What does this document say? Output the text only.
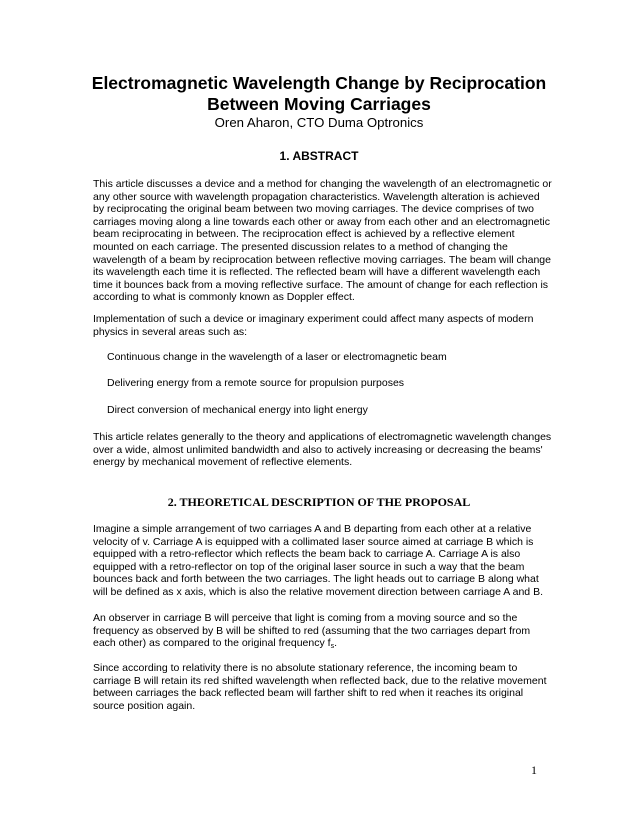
Electromagnetic Wavelength Change by Reciprocation Between Moving Carriages
Oren Aharon, CTO Duma Optronics
1. ABSTRACT

This article discusses a device and a method for changing the wavelength of an electromagnetic or any other source with wavelength propagation characteristics. Wavelength alteration is achieved by reciprocating the original beam between two moving carriages. The device comprises of two carriages moving along a line towards each other or away from each other and an electromagnetic beam reciprocating in between. The reciprocation effect is achieved by a reflective element mounted on each carriage. The presented discussion relates to a method of changing the wavelength of a beam by reciprocation between reflective moving carriages. The beam will change its wavelength each time it is reflected. The reflected beam will have a different wavelength each time it bounces back from a moving reflective surface. The amount of change for each reflection is according to what is commonly known as Doppler effect.

Implementation of such a device or imaginary experiment could affect many aspects of modern physics in several areas such as:

Continuous change in the wavelength of a laser or electromagnetic beam
Delivering energy from a remote source for propulsion purposes
Direct conversion of mechanical energy into light energy

This article relates generally to the theory and applications of electromagnetic wavelength changes over a wide, almost unlimited bandwidth and also to actively increasing or decreasing the beams' energy by mechanical movement of reflective elements.

2. THEORETICAL DESCRIPTION OF THE PROPOSAL

Imagine a simple arrangement of two carriages A and B departing from each other at a relative velocity of v. Carriage A is equipped with a collimated laser source aimed at carriage B which is equipped with a retro-reflector which reflects the beam back to carriage A. Carriage A is also equipped with a retro-reflector on top of the original laser source in such a way that the beam bounces back and forth between the two carriages. The light heads out to carriage B along what will be defined as x axis, which is also the relative movement direction between carriage A and B.

An observer in carriage B will perceive that light is coming from a moving source and so the frequency as observed by B will be shifted to red (assuming that the two carriages depart from each other) as compared to the original frequency $f_s$.

Since according to relativity there is no absolute stationary reference, the incoming beam to carriage B will retain its red shifted wavelength when reflected back, due to the relative movement between carriages the back reflected beam will farther shift to red when it reaches its original source position again.

1
